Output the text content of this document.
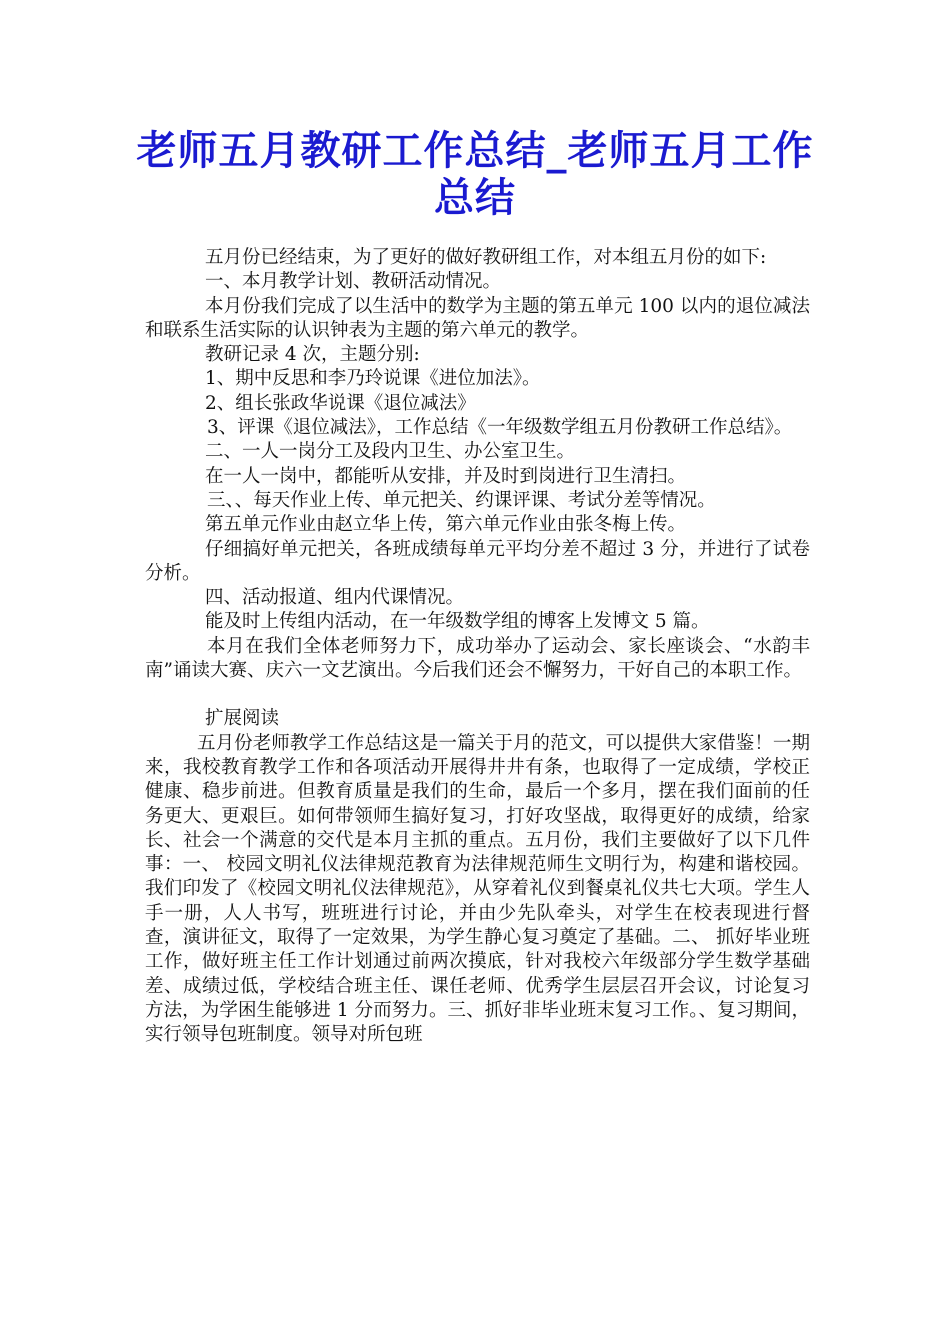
老师五月教研工作总结_老师五月工作总结

五月份已经结束，为了更好的做好教研组工作，对本组五月份的如下:

一、本月教学计划、教研活动情况。

本月份我们完成了以生活中的数学为主题的第五单元 100 以内的退位减法和联系生活实际的认识钟表为主题的第六单元的教学。

教研记录 4 次，主题分别:

1、期中反思和李乃玲说课《进位加法》。

2、组长张政华说课《退位减法》

3、评课《退位减法》，工作总结《一年级数学组五月份教研工作总结》。

二、一人一岗分工及段内卫生、办公室卫生。

在一人一岗中，都能听从安排，并及时到岗进行卫生清扫。

三、、每天作业上传、单元把关、约课评课、考试分差等情况。

第五单元作业由赵立华上传，第六单元作业由张冬梅上传。

仔细搞好单元把关，各班成绩每单元平均分差不超过 3 分，并进行了试卷分析。

四、活动报道、组内代课情况。

能及时上传组内活动，在一年级数学组的博客上发博文 5 篇。

本月在我们全体老师努力下，成功举办了运动会、家长座谈会、“水韵丰南”诵读大赛、庆六一文艺演出。今后我们还会不懈努力，干好自己的本职工作。

扩展阅读

五月份老师教学工作总结这是一篇关于月的范文，可以提供大家借鉴！一期来，我校教育教学工作和各项活动开展得井井有条，也取得了一定成绩，学校正健康、稳步前进。但教育质量是我们的生命，最后一个多月，摆在我们面前的任务更大、更艰巨。如何带领师生搞好复习，打好攻坚战，取得更好的成绩，给家长、社会一个满意的交代是本月主抓的重点。五月份，我们主要做好了以下几件事：一、 校园文明礼仪法律规范教育为法律规范师生文明行为，构建和谐校园。我们印发了《校园文明礼仪法律规范》，从穿着礼仪到餐桌礼仪共七大项。学生人手一册，人人书写，班班进行讨论，并由少先队牵头，对学生在校表现进行督查，演讲征文，取得了一定效果，为学生静心复习奠定了基础。二、 抓好毕业班工作，做好班主任工作计划通过前两次摸底，针对我校六年级部分学生数学基础差、成绩过低，学校结合班主任、课任老师、优秀学生层层召开会议，讨论复习方法，为学困生能够进 1 分而努力。三、抓好非毕业班末复习工作。、复习期间，实行领导包班制度。领导对所包班
